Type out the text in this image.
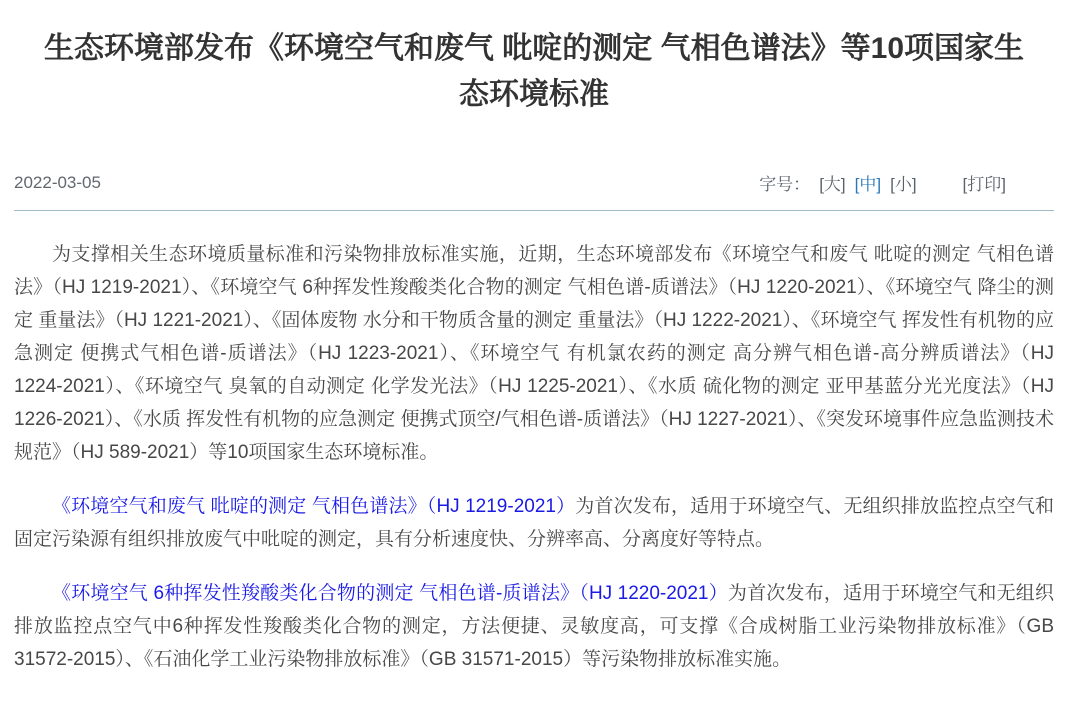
生态环境部发布《环境空气和废气 吡啶的测定 气相色谱法》等10项国家生态环境标准
2022-03-05	字号： [大] [中] [小]	[打印]

为支撑相关生态环境质量标准和污染物排放标准实施，近期，生态环境部发布《环境空气和废气 吡啶的测定 气相色谱法》（HJ 1219-2021）、《环境空气 6种挥发性羧酸类化合物的测定 气相色谱-质谱法》（HJ 1220-2021）、《环境空气 降尘的测定 重量法》（HJ 1221-2021）、《固体废物 水分和干物质含量的测定 重量法》（HJ 1222-2021）、《环境空气 挥发性有机物的应急测定 便携式气相色谱-质谱法》（HJ 1223-2021）、《环境空气 有机氯农药的测定 高分辨气相色谱-高分辨质谱法》（HJ 1224-2021）、《环境空气 臭氧的自动测定 化学发光法》（HJ 1225-2021）、《水质 硫化物的测定 亚甲基蓝分光光度法》（HJ 1226-2021）、《水质 挥发性有机物的应急测定 便携式顶空/气相色谱-质谱法》（HJ 1227-2021）、《突发环境事件应急监测技术规范》（HJ 589-2021）等10项国家生态环境标准。

《环境空气和废气 吡啶的测定 气相色谱法》（HJ 1219-2021）为首次发布，适用于环境空气、无组织排放监控点空气和固定污染源有组织排放废气中吡啶的测定，具有分析速度快、分辨率高、分离度好等特点。

《环境空气 6种挥发性羧酸类化合物的测定 气相色谱-质谱法》（HJ 1220-2021）为首次发布，适用于环境空气和无组织排放监控点空气中6种挥发性羧酸类化合物的测定，方法便捷、灵敏度高，可支撑《合成树脂工业污染物排放标准》（GB 31572-2015）、《石油化学工业污染物排放标准》（GB 31571-2015）等污染物排放标准实施。
